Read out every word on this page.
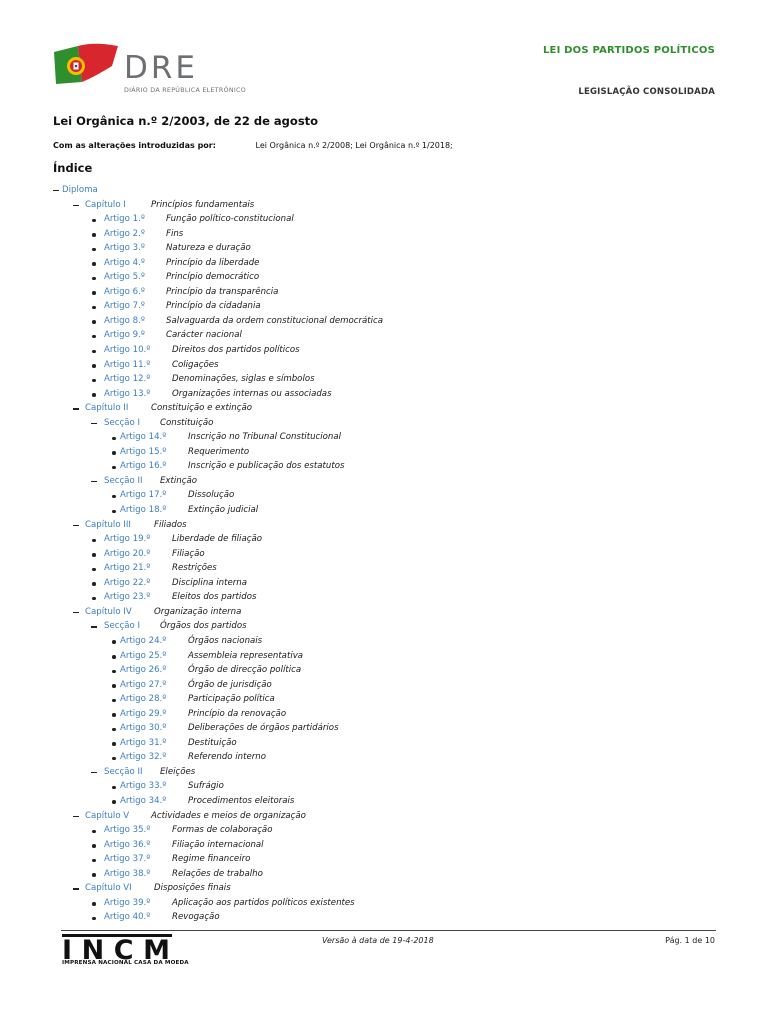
DRE
DIÁRIO DA REPÚBLICA ELETRÓNICO
LEI DOS PARTIDOS POLÍTICOS
LEGISLAÇÃO CONSOLIDADA
Lei Orgânica n.º 2/2003, de 22 de agosto
Com as alterações introduzidas por:	Lei Orgânica n.º 2/2008; Lei Orgânica n.º 1/2018;
Índice
Diploma
Capítulo I	Princípios fundamentais
Artigo 1.º Função político-constitucional
Artigo 2.º Fins
Artigo 3.º Natureza e duração
Artigo 4.º Princípio da liberdade
Artigo 5.º Princípio democrático
Artigo 6.º Princípio da transparência
Artigo 7.º Princípio da cidadania
Artigo 8.º Salvaguarda da ordem constitucional democrática
Artigo 9.º Carácter nacional
Artigo 10.º	Direitos dos partidos políticos
Artigo 11.º	Coligações
Artigo 12.º	Denominações, siglas e símbolos
Artigo 13.º	Organizações internas ou associadas
Capítulo II	Constituição e extinção
Secção I Constituição
Artigo 14.º	Inscrição no Tribunal Constitucional
Artigo 15.º	Requerimento
Artigo 16.º	Inscrição e publicação dos estatutos
Secção II Extinção
Artigo 17.º	Dissolução
Artigo 18.º	Extinção judicial
Capítulo III	Filiados
Artigo 19.º	Liberdade de filiação
Artigo 20.º	Filiação
Artigo 21.º	Restrições
Artigo 22.º	Disciplina interna
Artigo 23.º	Eleitos dos partidos
Capítulo IV	Organização interna
Secção I Órgãos dos partidos
Artigo 24.º	Órgãos nacionais
Artigo 25.º	Assembleia representativa
Artigo 26.º	Órgão de direcção política
Artigo 27.º	Órgão de jurisdição
Artigo 28.º	Participação política
Artigo 29.º	Princípio da renovação
Artigo 30.º	Deliberações de órgãos partidários
Artigo 31.º	Destituição
Artigo 32.º	Referendo interno
Secção II Eleições
Artigo 33.º	Sufrágio
Artigo 34.º	Procedimentos eleitorais
Capítulo V	Actividades e meios de organização
Artigo 35.º	Formas de colaboração
Artigo 36.º	Filiação internacional
Artigo 37.º	Regime financeiro
Artigo 38.º	Relações de trabalho
Capítulo VI	Disposições finais
Artigo 39.º	Aplicação aos partidos políticos existentes
Artigo 40.º	Revogação
INCM
IMPRENSA NACIONAL CASA DA MOEDA
Versão à data de 19-4-2018	Pág. 1 de 10
